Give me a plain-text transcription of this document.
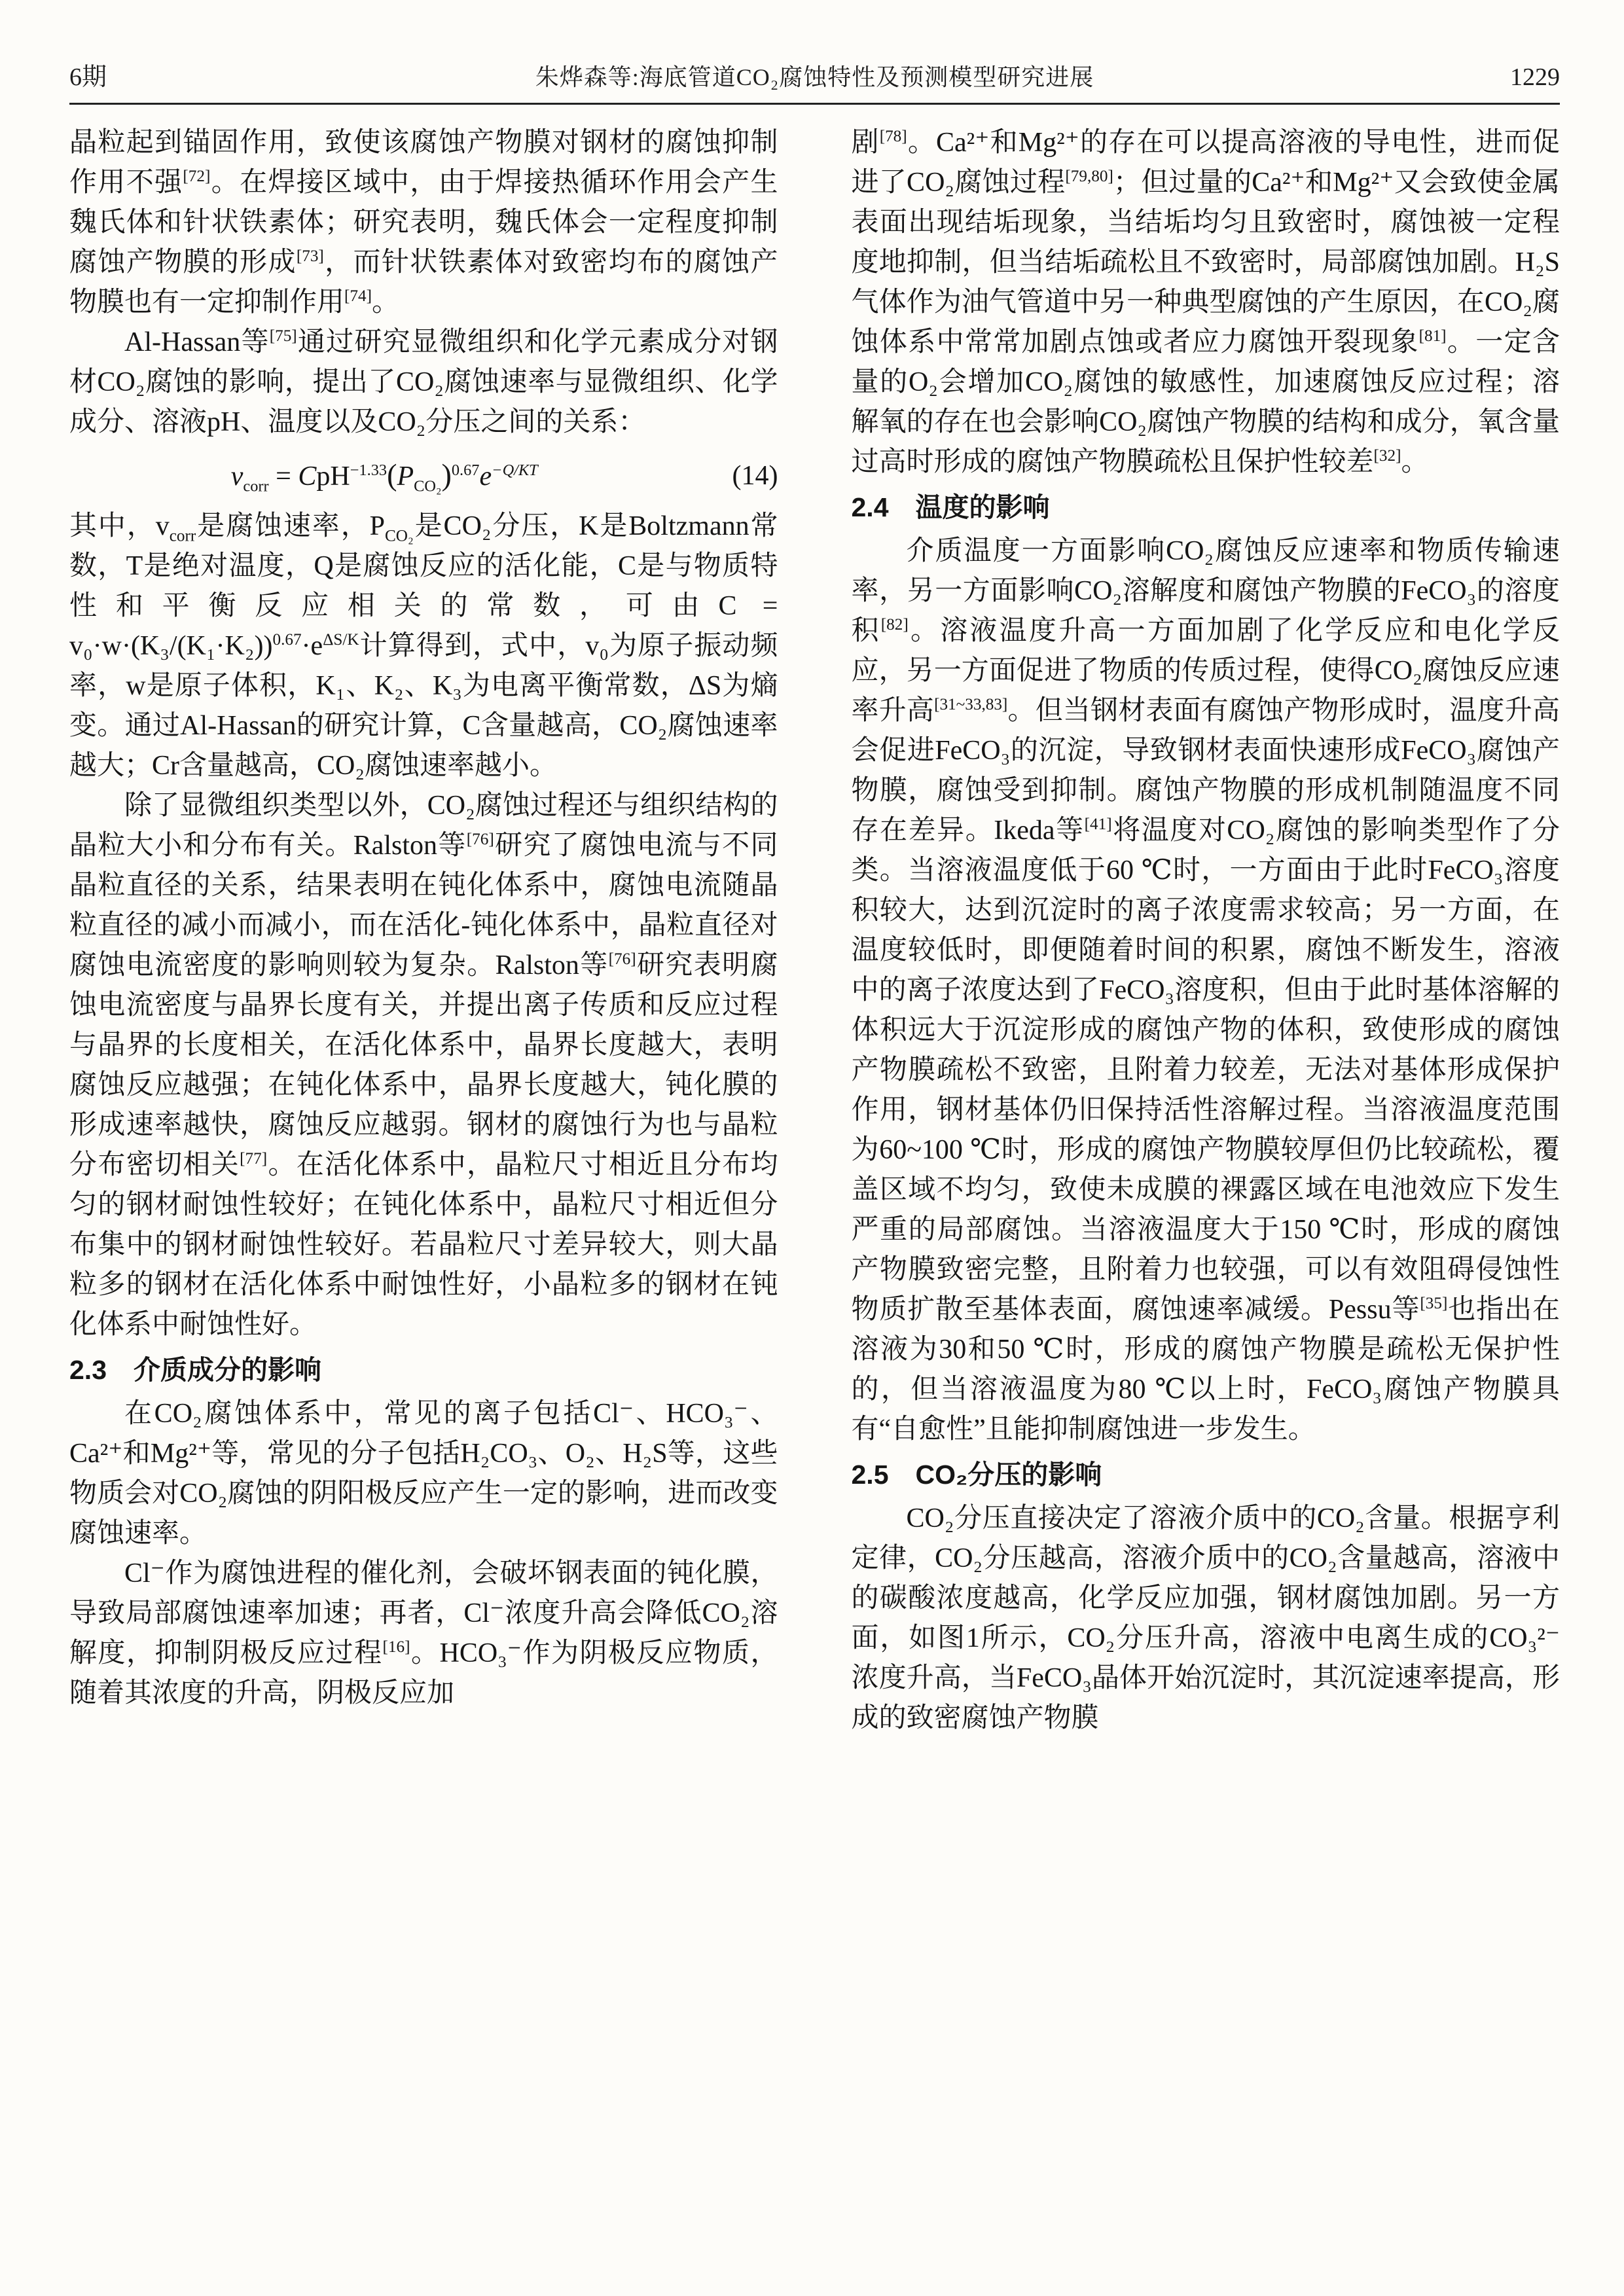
6期	朱烨森等:海底管道CO₂腐蚀特性及预测模型研究进展	1229

晶粒起到锚固作用，致使该腐蚀产物膜对钢材的腐蚀抑制作用不强[72]。在焊接区域中，由于焊接热循环作用会产生魏氏体和针状铁素体；研究表明，魏氏体会一定程度抑制腐蚀产物膜的形成[73]，而针状铁素体对致密均布的腐蚀产物膜也有一定抑制作用[74]。

Al-Hassan等[75]通过研究显微组织和化学元素成分对钢材CO₂腐蚀的影响，提出了CO₂腐蚀速率与显微组织、化学成分、溶液pH、温度以及CO₂分压之间的关系：

$v_{corr} = CpH^{-1.33}(P_{CO_2})^{0.67}e^{-Q/KT}$	(14)

其中，$v_{corr}$是腐蚀速率，$P_{CO_2}$是CO₂分压，K是Boltzmann常数，T是绝对温度，Q是腐蚀反应的活化能，C是与物质特性和平衡反应相关的常数，可由$C = v_0\cdot w\cdot(K_3/(K_1\cdot K_2))^{0.67}\cdot e^{\Delta S/K}$计算得到，式中，v₀为原子振动频率，w是原子体积，K₁、K₂、K₃为电离平衡常数，ΔS为熵变。通过Al-Hassan的研究计算，C含量越高，CO₂腐蚀速率越大；Cr含量越高，CO₂腐蚀速率越小。

除了显微组织类型以外，CO₂腐蚀过程还与组织结构的晶粒大小和分布有关。Ralston等[76]研究了腐蚀电流与不同晶粒直径的关系，结果表明在钝化体系中，腐蚀电流随晶粒直径的减小而减小，而在活化-钝化体系中，晶粒直径对腐蚀电流密度的影响则较为复杂。Ralston等[76]研究表明腐蚀电流密度与晶界长度有关，并提出离子传质和反应过程与晶界的长度相关，在活化体系中，晶界长度越大，表明腐蚀反应越强；在钝化体系中，晶界长度越大，钝化膜的形成速率越快，腐蚀反应越弱。钢材的腐蚀行为也与晶粒分布密切相关[77]。在活化体系中，晶粒尺寸相近且分布均匀的钢材耐蚀性较好；在钝化体系中，晶粒尺寸相近但分布集中的钢材耐蚀性较好。若晶粒尺寸差异较大，则大晶粒多的钢材在活化体系中耐蚀性好，小晶粒多的钢材在钝化体系中耐蚀性好。

2.3　介质成分的影响

在CO₂腐蚀体系中，常见的离子包括Cl⁻、HCO₃⁻、Ca²⁺和Mg²⁺等，常见的分子包括H₂CO₃、O₂、H₂S等，这些物质会对CO₂腐蚀的阴阳极反应产生一定的影响，进而改变腐蚀速率。

Cl⁻作为腐蚀进程的催化剂，会破坏钢表面的钝化膜，导致局部腐蚀速率加速；再者，Cl⁻浓度升高会降低CO₂溶解度，抑制阴极反应过程[16]。HCO₃⁻作为阴极反应物质，随着其浓度的升高，阴极反应加

剧[78]。Ca²⁺和Mg²⁺的存在可以提高溶液的导电性，进而促进了CO₂腐蚀过程[79,80]；但过量的Ca²⁺和Mg²⁺又会致使金属表面出现结垢现象，当结垢均匀且致密时，腐蚀被一定程度地抑制，但当结垢疏松且不致密时，局部腐蚀加剧。H₂S气体作为油气管道中另一种典型腐蚀的产生原因，在CO₂腐蚀体系中常常加剧点蚀或者应力腐蚀开裂现象[81]。一定含量的O₂会增加CO₂腐蚀的敏感性，加速腐蚀反应过程；溶解氧的存在也会影响CO₂腐蚀产物膜的结构和成分，氧含量过高时形成的腐蚀产物膜疏松且保护性较差[32]。

2.4　温度的影响

介质温度一方面影响CO₂腐蚀反应速率和物质传输速率，另一方面影响CO₂溶解度和腐蚀产物膜的FeCO₃的溶度积[82]。溶液温度升高一方面加剧了化学反应和电化学反应，另一方面促进了物质的传质过程，使得CO₂腐蚀反应速率升高[31~33,83]。但当钢材表面有腐蚀产物形成时，温度升高会促进FeCO₃的沉淀，导致钢材表面快速形成FeCO₃腐蚀产物膜，腐蚀受到抑制。腐蚀产物膜的形成机制随温度不同存在差异。Ikeda等[41]将温度对CO₂腐蚀的影响类型作了分类。当溶液温度低于60 ℃时，一方面由于此时FeCO₃溶度积较大，达到沉淀时的离子浓度需求较高；另一方面，在温度较低时，即便随着时间的积累，腐蚀不断发生，溶液中的离子浓度达到了FeCO₃溶度积，但由于此时基体溶解的体积远大于沉淀形成的腐蚀产物的体积，致使形成的腐蚀产物膜疏松不致密，且附着力较差，无法对基体形成保护作用，钢材基体仍旧保持活性溶解过程。当溶液温度范围为60~100 ℃时，形成的腐蚀产物膜较厚但仍比较疏松，覆盖区域不均匀，致使未成膜的裸露区域在电池效应下发生严重的局部腐蚀。当溶液温度大于150 ℃时，形成的腐蚀产物膜致密完整，且附着力也较强，可以有效阻碍侵蚀性物质扩散至基体表面，腐蚀速率减缓。Pessu等[35]也指出在溶液为30和50 ℃时，形成的腐蚀产物膜是疏松无保护性的，但当溶液温度为80 ℃以上时，FeCO₃腐蚀产物膜具有“自愈性”且能抑制腐蚀进一步发生。

2.5　CO₂分压的影响

CO₂分压直接决定了溶液介质中的CO₂含量。根据亨利定律，CO₂分压越高，溶液介质中的CO₂含量越高，溶液中的碳酸浓度越高，化学反应加强，钢材腐蚀加剧。另一方面，如图1所示，CO₂分压升高，溶液中电离生成的CO₃²⁻浓度升高，当FeCO₃晶体开始沉淀时，其沉淀速率提高，形成的致密腐蚀产物膜
